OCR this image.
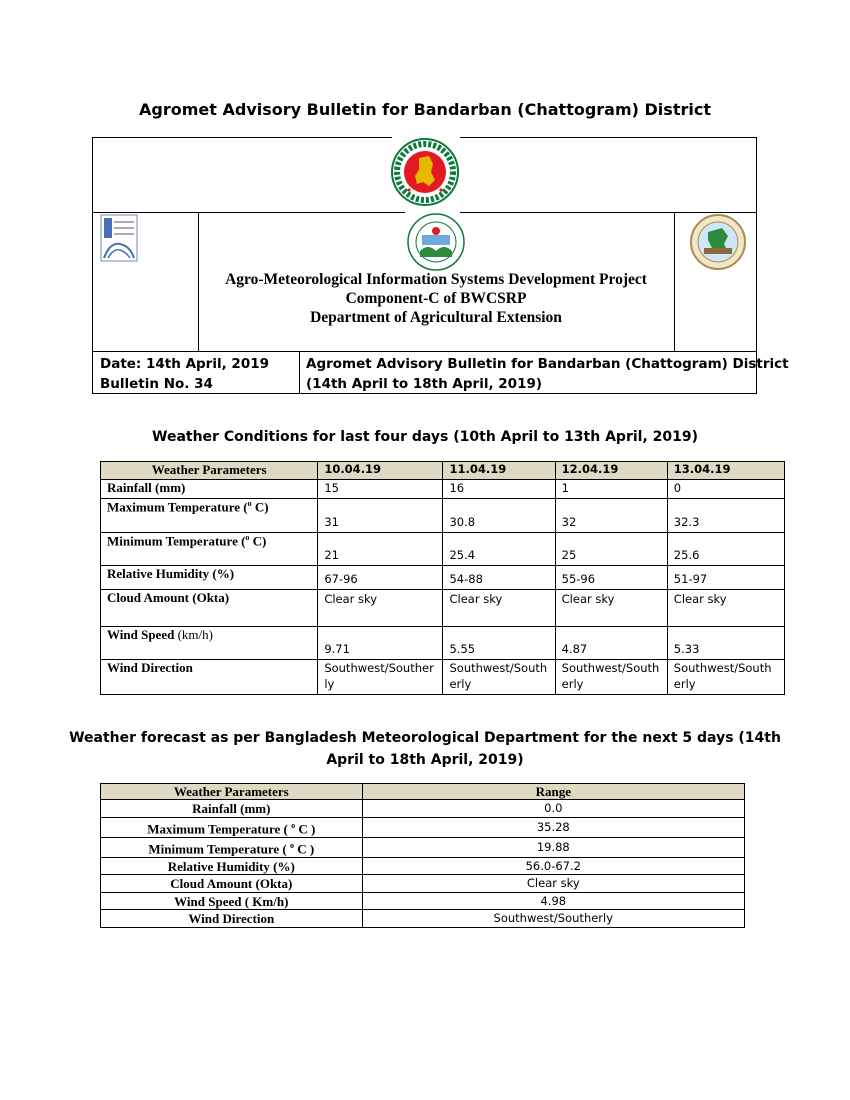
Agromet Advisory Bulletin for Bandarban (Chattogram) District
Agro-Meteorological Information Systems Development Project
Component-C of BWCSRP
Department of Agricultural Extension
Date: 14th April, 2019
Bulletin No. 34
Agromet Advisory Bulletin for Bandarban (Chattogram) District
(14th April to 18th April, 2019)
Weather Conditions for last four days (10th April to 13th April, 2019)
Weather Parameters	10.04.19	11.04.19	12.04.19	13.04.19
Rainfall (mm)	15	16	1	0
Maximum Temperature ($^o$ C)	31	30.8	32	32.3
Minimum Temperature ($^o$ C)	21	25.4	25	25.6
Relative Humidity (%)	67-96	54-88	55-96	51-97
Cloud Amount (Okta)	Clear sky	Clear sky	Clear sky	Clear sky
Wind Speed (km/h)	9.71	5.55	4.87	5.33
Wind Direction	Southwest/Southerly	Southwest/Southerly	Southwest/Southerly	Southwest/Southerly
Weather forecast as per Bangladesh Meteorological Department for the next 5 days (14th
April to 18th April, 2019)
Weather Parameters	Range
Rainfall (mm)	0.0
Maximum Temperature ( $^o$ C )	35.28
Minimum Temperature ( $^o$ C )	19.88
Relative Humidity (%)	56.0-67.2
Cloud Amount (Okta)	Clear sky
Wind Speed ( Km/h)	4.98
Wind Direction	Southwest/Southerly
